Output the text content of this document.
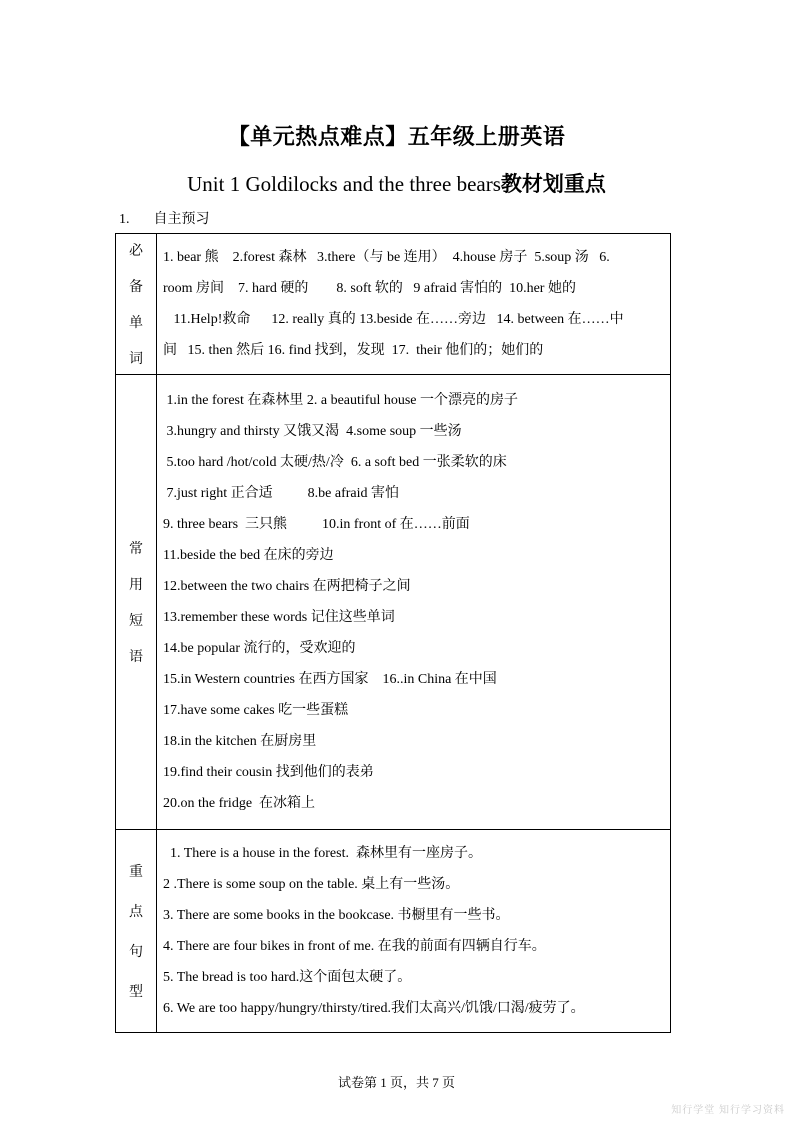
【单元热点难点】五年级上册英语
Unit 1 Goldilocks and the three bears教材划重点
1. 自主预习
必
备
单
词

1. bear 熊    2.forest 森林   3.there（与 be 连用）  4.house 房子  5.soup 汤   6.
room 房间    7. hard 硬的        8. soft 软的   9 afraid 害怕的  10.her 她的
11.Help!救命      12. really 真的 13.beside 在……旁边   14. between 在……中
间   15. then 然后 16. find 找到，发现  17.  their 他们的；她们的

常
用
短
语

1.in the forest 在森林里 2. a beautiful house 一个漂亮的房子
3.hungry and thirsty 又饿又渴  4.some soup 一些汤
5.too hard /hot/cold 太硬/热/冷  6. a soft bed 一张柔软的床
7.just right 正合适          8.be afraid 害怕
9. three bears  三只熊          10.in front of 在……前面
11.beside the bed 在床的旁边
12.between the two chairs 在两把椅子之间
13.remember these words 记住这些单词
14.be popular 流行的，受欢迎的
15.in Western countries 在西方国家    16..in China 在中国
17.have some cakes 吃一些蛋糕
18.in the kitchen 在厨房里
19.find their cousin 找到他们的表弟
20.on the fridge  在冰箱上

重
点
句
型

1. There is a house in the forest.  森林里有一座房子。
2 .There is some soup on the table. 桌上有一些汤。
3. There are some books in the bookcase. 书橱里有一些书。
4. There are four bikes in front of me. 在我的前面有四辆自行车。
5. The bread is too hard.这个面包太硬了。
6. We are too happy/hungry/thirsty/tired.我们太高兴/饥饿/口渴/疲劳了。
试卷第 1 页，共 7 页
知行学堂 知行学习资料
